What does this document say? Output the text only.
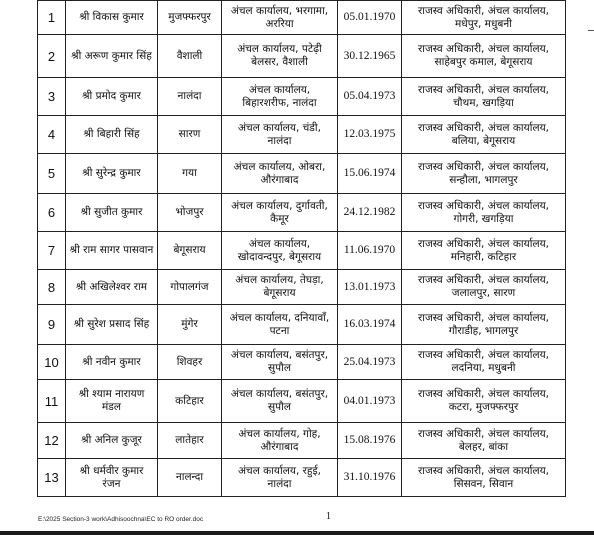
1	श्री विकास कुमार	मुजफ्फरपुर	अंचल कार्यालय, भरगामा, अररिया	05.01.1970	राजस्व अधिकारी, अंचल कार्यालय, मधेपुर, मधुबनी
2	श्री अरूण कुमार सिंह	वैशाली	अंचल कार्यालय, पटेढ़ी बेलसर, वैशाली	30.12.1965	राजस्व अधिकारी, अंचल कार्यालय, साहेबपुर कमाल, बेगूसराय
3	श्री प्रमोद कुमार	नालंदा	अंचल कार्यालय, बिहारशरीफ, नालंदा	05.04.1973	राजस्व अधिकारी, अंचल कार्यालय, चौथम, खगड़िया
4	श्री बिहारी सिंह	सारण	अंचल कार्यालय, चंडी, नालंदा	12.03.1975	राजस्व अधिकारी, अंचल कार्यालय, बलिया, बेगूसराय
5	श्री सुरेन्द्र कुमार	गया	अंचल कार्यालय, ओबरा, औरंगाबाद	15.06.1974	राजस्व अधिकारी, अंचल कार्यालय, सन्हौला, भागलपुर
6	श्री सुजीत कुमार	भोजपुर	अंचल कार्यालय, दुर्गावती, कैमूर	24.12.1982	राजस्व अधिकारी, अंचल कार्यालय, गोगरी, खगड़िया
7	श्री राम सागर पासवान	बेगूसराय	अंचल कार्यालय, खोदावन्दपुर, बेगूसराय	11.06.1970	राजस्व अधिकारी, अंचल कार्यालय, मनिहारी, कटिहार
8	श्री अखिलेश्वर राम	गोपालगंज	अंचल कार्यालय, तेघड़ा, बेगूसराय	13.01.1973	राजस्व अधिकारी, अंचल कार्यालय, जलालपुर, सारण
9	श्री सुरेश प्रसाद सिंह	मुंगेर	अंचल कार्यालय, दनियावाँ, पटना	16.03.1974	राजस्व अधिकारी, अंचल कार्यालय, गौराडीह, भागलपुर
10	श्री नवीन कुमार	शिवहर	अंचल कार्यालय, बसंतपुर, सुपौल	25.04.1973	राजस्व अधिकारी, अंचल कार्यालय, लदनिया, मधुबनी
11	श्री श्याम नारायण मंडल	कटिहार	अंचल कार्यालय, बसंतपुर, सुपौल	04.01.1973	राजस्व अधिकारी, अंचल कार्यालय, कटरा, मुजफ्फरपुर
12	श्री अनिल कुजूर	लातेहार	अंचल कार्यालय, गोह, औरंगाबाद	15.08.1976	राजस्व अधिकारी, अंचल कार्यालय, बेलहर, बांका
13	श्री धर्मवीर कुमार रंजन	नालन्दा	अंचल कार्यालय, रहुई, नालंदा	31.10.1976	राजस्व अधिकारी, अंचल कार्यालय, सिसवन, सिवान
E:\2025 Section-3 work\Adhisoochna\EC to RO order.doc	1
